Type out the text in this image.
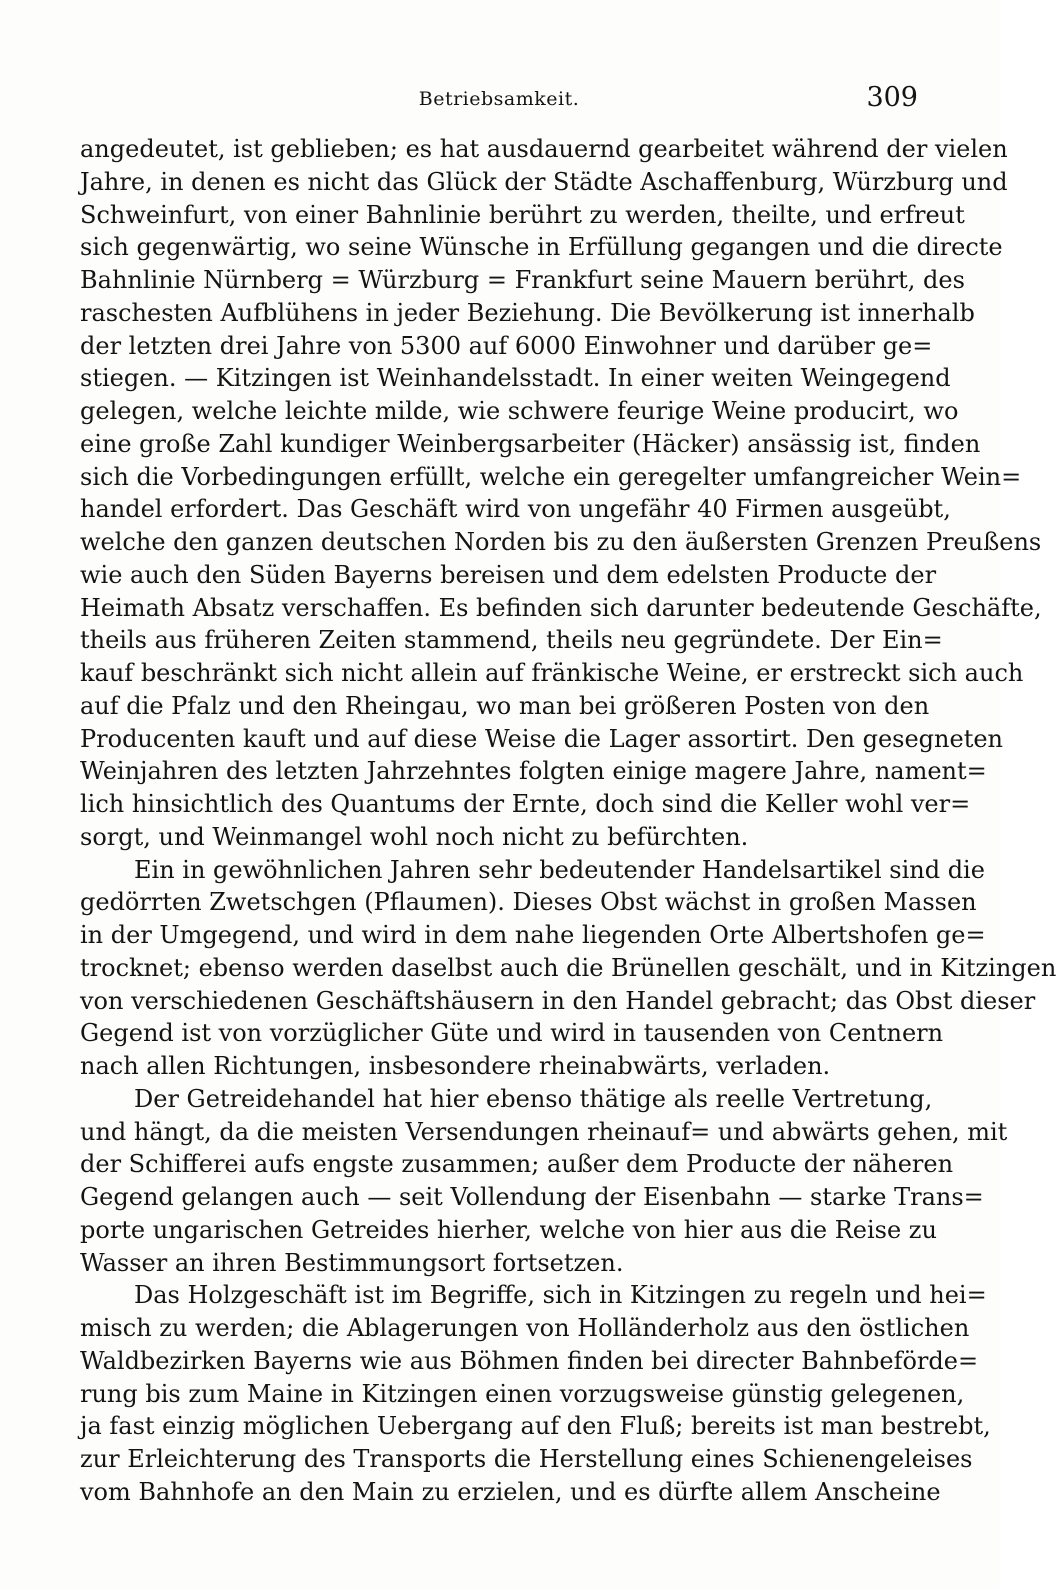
Betriebsamkeit.	309
angedeutet, ist geblieben; es hat ausdauernd gearbeitet während der vielen
Jahre, in denen es nicht das Glück der Städte Aschaffenburg, Würzburg und
Schweinfurt, von einer Bahnlinie berührt zu werden, theilte, und erfreut
sich gegenwärtig, wo seine Wünsche in Erfüllung gegangen und die directe
Bahnlinie Nürnberg = Würzburg = Frankfurt seine Mauern berührt, des
raschesten Aufblühens in jeder Beziehung. Die Bevölkerung ist innerhalb
der letzten drei Jahre von 5300 auf 6000 Einwohner und darüber ge=
stiegen. — Kitzingen ist Weinhandelsstadt. In einer weiten Weingegend
gelegen, welche leichte milde, wie schwere feurige Weine producirt, wo
eine große Zahl kundiger Weinbergsarbeiter (Häcker) ansässig ist, finden
sich die Vorbedingungen erfüllt, welche ein geregelter umfangreicher Wein=
handel erfordert. Das Geschäft wird von ungefähr 40 Firmen ausgeübt,
welche den ganzen deutschen Norden bis zu den äußersten Grenzen Preußens
wie auch den Süden Bayerns bereisen und dem edelsten Producte der
Heimath Absatz verschaffen. Es befinden sich darunter bedeutende Geschäfte,
theils aus früheren Zeiten stammend, theils neu gegründete. Der Ein=
kauf beschränkt sich nicht allein auf fränkische Weine, er erstreckt sich auch
auf die Pfalz und den Rheingau, wo man bei größeren Posten von den
Producenten kauft und auf diese Weise die Lager assortirt. Den gesegneten
Weinjahren des letzten Jahrzehntes folgten einige magere Jahre, nament=
lich hinsichtlich des Quantums der Ernte, doch sind die Keller wohl ver=
sorgt, und Weinmangel wohl noch nicht zu befürchten.
Ein in gewöhnlichen Jahren sehr bedeutender Handelsartikel sind die
gedörrten Zwetschgen (Pflaumen). Dieses Obst wächst in großen Massen
in der Umgegend, und wird in dem nahe liegenden Orte Albertshofen ge=
trocknet; ebenso werden daselbst auch die Brünellen geschält, und in Kitzingen
von verschiedenen Geschäftshäusern in den Handel gebracht; das Obst dieser
Gegend ist von vorzüglicher Güte und wird in tausenden von Centnern
nach allen Richtungen, insbesondere rheinabwärts, verladen.
Der Getreidehandel hat hier ebenso thätige als reelle Vertretung,
und hängt, da die meisten Versendungen rheinauf= und abwärts gehen, mit
der Schifferei aufs engste zusammen; außer dem Producte der näheren
Gegend gelangen auch — seit Vollendung der Eisenbahn — starke Trans=
porte ungarischen Getreides hierher, welche von hier aus die Reise zu
Wasser an ihren Bestimmungsort fortsetzen.
Das Holzgeschäft ist im Begriffe, sich in Kitzingen zu regeln und hei=
misch zu werden; die Ablagerungen von Holländerholz aus den östlichen
Waldbezirken Bayerns wie aus Böhmen finden bei directer Bahnbeförde=
rung bis zum Maine in Kitzingen einen vorzugsweise günstig gelegenen,
ja fast einzig möglichen Uebergang auf den Fluß; bereits ist man bestrebt,
zur Erleichterung des Transports die Herstellung eines Schienengeleises
vom Bahnhofe an den Main zu erzielen, und es dürfte allem Anscheine
